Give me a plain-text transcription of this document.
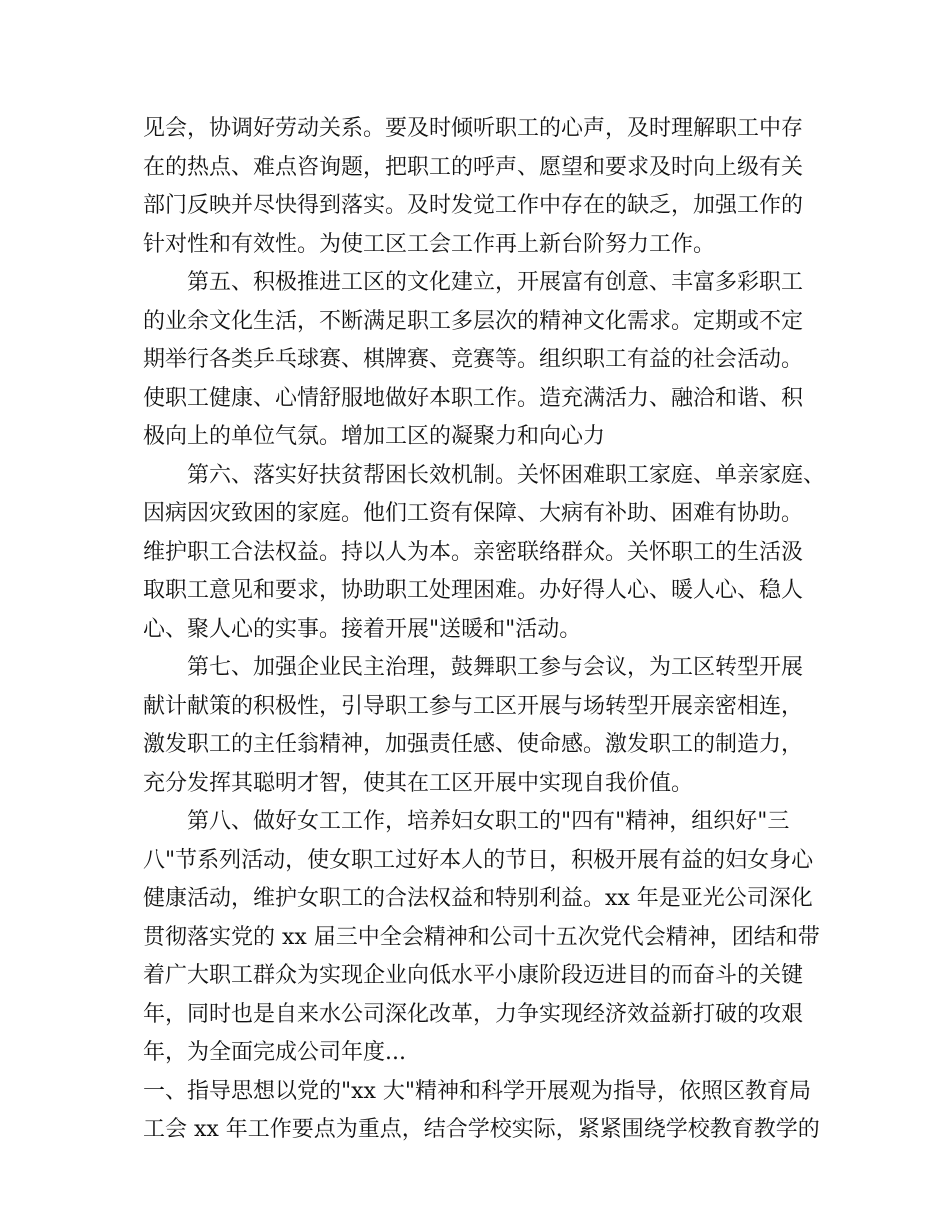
见会，协调好劳动关系。要及时倾听职工的心声，及时理解职工中存
在的热点、难点咨询题，把职工的呼声、愿望和要求及时向上级有关
部门反映并尽快得到落实。及时发觉工作中存在的缺乏，加强工作的
针对性和有效性。为使工区工会工作再上新台阶努力工作。
第五、积极推进工区的文化建立，开展富有创意、丰富多彩职工
的业余文化生活，不断满足职工多层次的精神文化需求。定期或不定
期举行各类乒乓球赛、棋牌赛、竞赛等。组织职工有益的社会活动。
使职工健康、心情舒服地做好本职工作。造充满活力、融洽和谐、积
极向上的单位气氛。增加工区的凝聚力和向心力
第六、落实好扶贫帮困长效机制。关怀困难职工家庭、单亲家庭、
因病因灾致困的家庭。他们工资有保障、大病有补助、困难有协助。
维护职工合法权益。持以人为本。亲密联络群众。关怀职工的生活汲
取职工意见和要求，协助职工处理困难。办好得人心、暖人心、稳人
心、聚人心的实事。接着开展"送暖和"活动。
第七、加强企业民主治理，鼓舞职工参与会议，为工区转型开展
献计献策的积极性，引导职工参与工区开展与场转型开展亲密相连，
激发职工的主任翁精神，加强责任感、使命感。激发职工的制造力，
充分发挥其聪明才智，使其在工区开展中实现自我价值。
第八、做好女工工作，培养妇女职工的"四有"精神，组织好"三
八"节系列活动，使女职工过好本人的节日，积极开展有益的妇女身心
健康活动，维护女职工的合法权益和特别利益。xx 年是亚光公司深化
贯彻落实党的 xx 届三中全会精神和公司十五次党代会精神，团结和带
着广大职工群众为实现企业向低水平小康阶段迈进目的而奋斗的关键
年，同时也是自来水公司深化改革，力争实现经济效益新打破的攻艰
年，为全面完成公司年度...
一、指导思想以党的"xx 大"精神和科学开展观为指导，依照区教育局
工会 xx 年工作要点为重点，结合学校实际，紧紧围绕学校教育教学的
